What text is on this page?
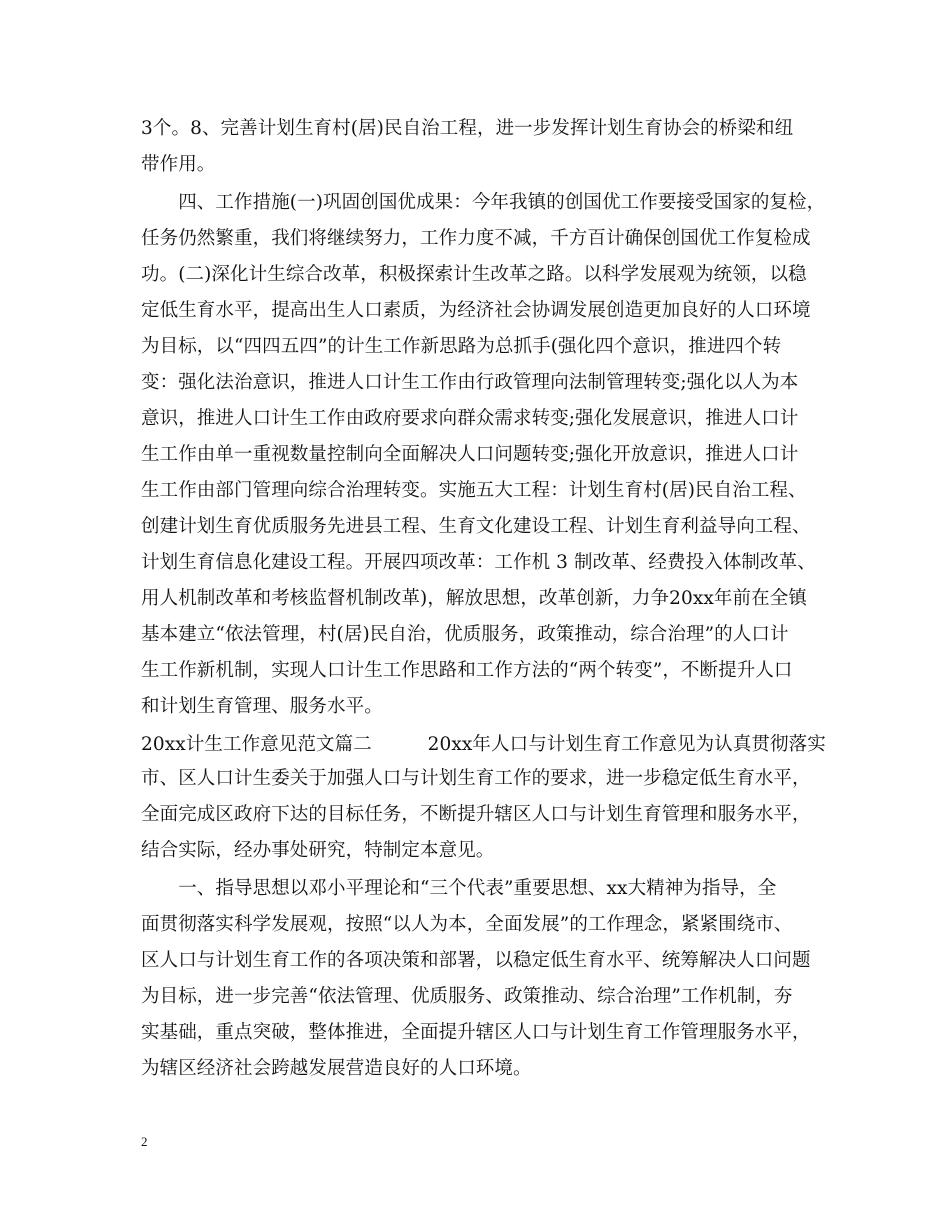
3个。8、完善计划生育村(居)民自治工程，进一步发挥计划生育协会的桥梁和纽
带作用。
　　四、工作措施(一)巩固创国优成果：今年我镇的创国优工作要接受国家的复检，
任务仍然繁重，我们将继续努力，工作力度不减，千方百计确保创国优工作复检成
功。(二)深化计生综合改革，积极探索计生改革之路。以科学发展观为统领，以稳
定低生育水平，提高出生人口素质，为经济社会协调发展创造更加良好的人口环境
为目标，以“四四五四”的计生工作新思路为总抓手(强化四个意识，推进四个转
变：强化法治意识，推进人口计生工作由行政管理向法制管理转变;强化以人为本
意识，推进人口计生工作由政府要求向群众需求转变;强化发展意识，推进人口计
生工作由单一重视数量控制向全面解决人口问题转变;强化开放意识，推进人口计
生工作由部门管理向综合治理转变。实施五大工程：计划生育村(居)民自治工程、
创建计划生育优质服务先进县工程、生育文化建设工程、计划生育利益导向工程、
计划生育信息化建设工程。开展四项改革：工作机 3 制改革、经费投入体制改革、
用人机制改革和考核监督机制改革)，解放思想，改革创新，力争20xx年前在全镇
基本建立“依法管理，村(居)民自治，优质服务，政策推动，综合治理”的人口计
生工作新机制，实现人口计生工作思路和工作方法的“两个转变”，不断提升人口
和计划生育管理、服务水平。
20xx计生工作意见范文篇二　　　20xx年人口与计划生育工作意见为认真贯彻落实
市、区人口计生委关于加强人口与计划生育工作的要求，进一步稳定低生育水平，
全面完成区政府下达的目标任务，不断提升辖区人口与计划生育管理和服务水平，
结合实际，经办事处研究，特制定本意见。
　　一、指导思想以邓小平理论和“三个代表”重要思想、xx大精神为指导，全
面贯彻落实科学发展观，按照“以人为本，全面发展”的工作理念，紧紧围绕市、
区人口与计划生育工作的各项决策和部署，以稳定低生育水平、统筹解决人口问题
为目标，进一步完善“依法管理、优质服务、政策推动、综合治理”工作机制，夯
实基础，重点突破，整体推进，全面提升辖区人口与计划生育工作管理服务水平，
为辖区经济社会跨越发展营造良好的人口环境。
2
